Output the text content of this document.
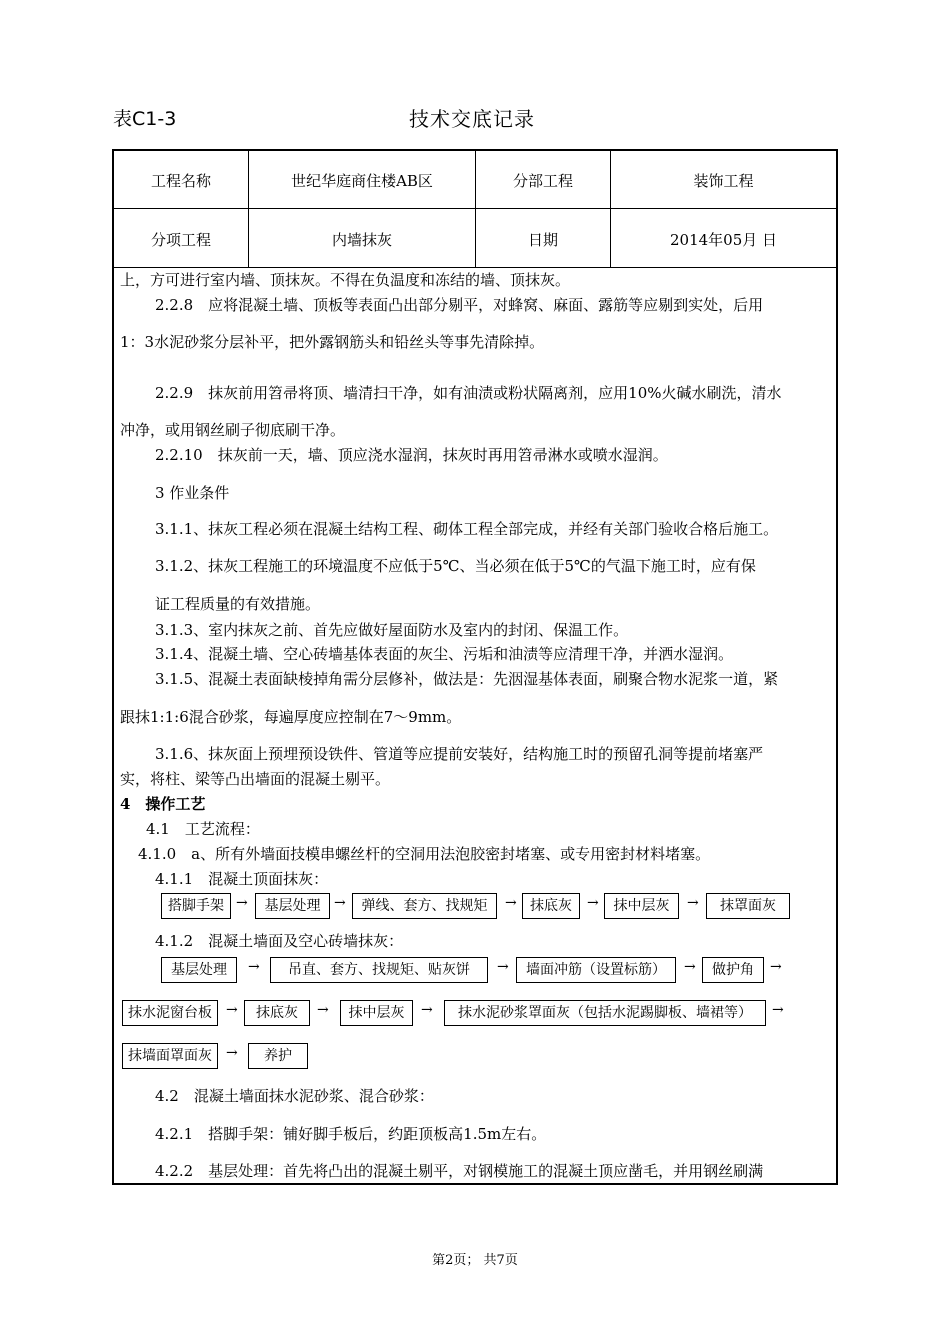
表C1-3	技术交底记录
工程名称	世纪华庭商住楼AB区	分部工程	装饰工程
分项工程	内墙抹灰	日期	2014年05月 日
上，方可进行室内墙、顶抹灰。不得在负温度和冻结的墙、顶抹灰。
2.2.8　应将混凝土墙、顶板等表面凸出部分剔平，对蜂窝、麻面、露筋等应剔到实处，后用
1：3水泥砂浆分层补平，把外露钢筋头和铅丝头等事先清除掉。
2.2.9　抹灰前用笤帚将顶、墙清扫干净，如有油渍或粉状隔离剂，应用10%火碱水刷洗，清水
冲净，或用钢丝刷子彻底刷干净。
2.2.10　抹灰前一天，墙、顶应浇水湿润，抹灰时再用笤帚淋水或喷水湿润。
3 作业条件
3.1.1、抹灰工程必须在混凝土结构工程、砌体工程全部完成，并经有关部门验收合格后施工。
3.1.2、抹灰工程施工的环境温度不应低于5℃、当必须在低于5℃的气温下施工时，应有保
证工程质量的有效措施。
3.1.3、室内抹灰之前、首先应做好屋面防水及室内的封闭、保温工作。
3.1.4、混凝土墙、空心砖墙基体表面的灰尘、污垢和油渍等应清理干净，并洒水湿润。
3.1.5、混凝土表面缺棱掉角需分层修补，做法是：先洇湿基体表面，刷聚合物水泥浆一道，紧
跟抹1:1:6混合砂浆，每遍厚度应控制在7～9mm。
3.1.6、抹灰面上预埋预设铁件、管道等应提前安装好，结构施工时的预留孔洞等提前堵塞严
实，将柱、梁等凸出墙面的混凝土剔平。
4　操作工艺
4.1　工艺流程：
4.1.0　a、所有外墙面技模串螺丝杆的空洞用法泡胶密封堵塞、或专用密封材料堵塞。
4.1.1　混凝土顶面抹灰：
搭脚手架 →	基层处理 →	弹线、套方、找规矩	→ 抹底灰	→	抹中层灰	→	抹罩面灰
4.1.2　混凝土墙面及空心砖墙抹灰：
基层处理	→	吊直、套方、找规矩、贴灰饼	→	墙面冲筋（设置标筋）	→	做护角	→
抹水泥窗台板	→	抹底灰	→	抹中层灰	→	抹水泥砂浆罩面灰（包括水泥踢脚板、墙裙等）	→
抹墙面罩面灰	→	养护
4.2　混凝土墙面抹水泥砂浆、混合砂浆：
4.2.1　搭脚手架：铺好脚手板后，约距顶板高1.5m左右。
4.2.2　基层处理：首先将凸出的混凝土剔平，对钢模施工的混凝土顶应凿毛，并用钢丝刷满
第2页； 共7页
